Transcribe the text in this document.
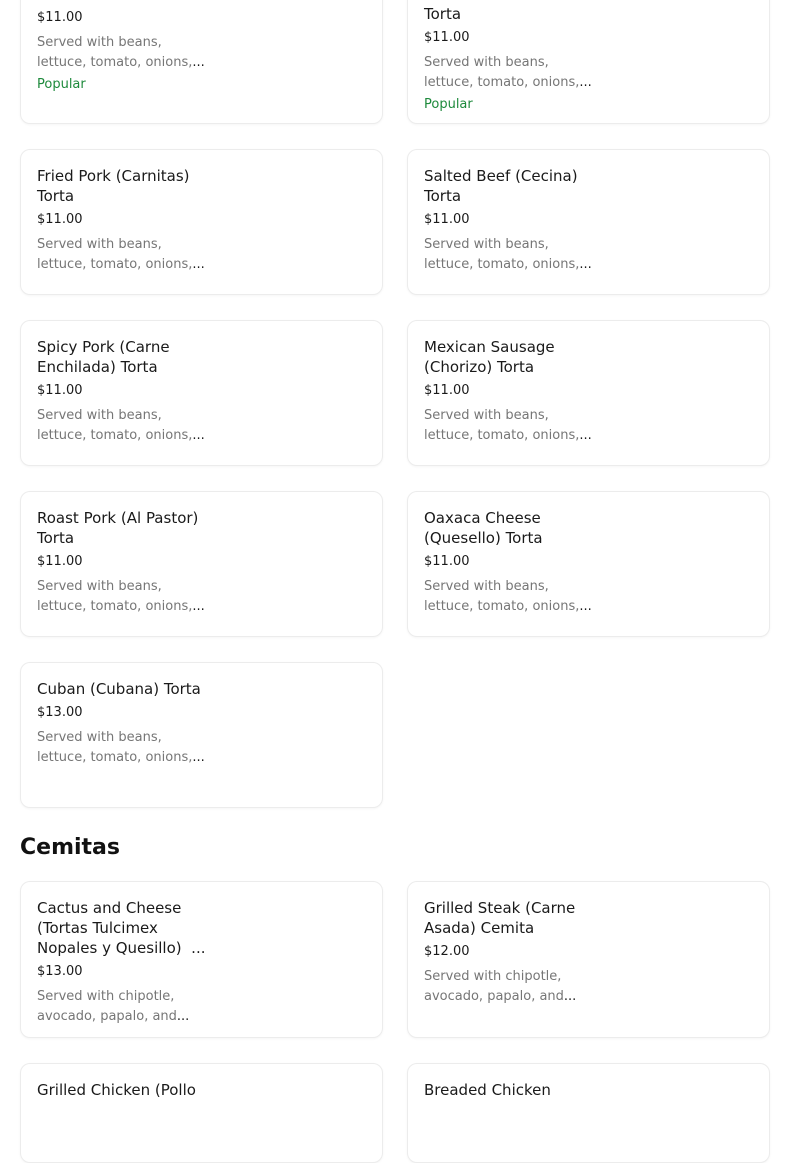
$11.00
Served with beans,
lettuce, tomato, onions,...
Popular
Torta
$11.00
Served with beans,
lettuce, tomato, onions,...
Popular
Fried Pork (Carnitas)
Torta
$11.00
Served with beans,
lettuce, tomato, onions,...
Salted Beef (Cecina)
Torta
$11.00
Served with beans,
lettuce, tomato, onions,...
Spicy Pork (Carne
Enchilada) Torta
$11.00
Served with beans,
lettuce, tomato, onions,...
Mexican Sausage
(Chorizo) Torta
$11.00
Served with beans,
lettuce, tomato, onions,...
Roast Pork (Al Pastor)
Torta
$11.00
Served with beans,
lettuce, tomato, onions,...
Oaxaca Cheese
(Quesello) Torta
$11.00
Served with beans,
lettuce, tomato, onions,...
Cuban (Cubana) Torta
$13.00
Served with beans,
lettuce, tomato, onions,...
Cemitas
Cactus and Cheese
(Tortas Tulcimex
Nopales y Quesillo) ...
$13.00
Served with chipotle,
avocado, papalo, and...
Grilled Steak (Carne
Asada) Cemita
$12.00
Served with chipotle,
avocado, papalo, and...
Grilled Chicken (Pollo	Breaded Chicken
